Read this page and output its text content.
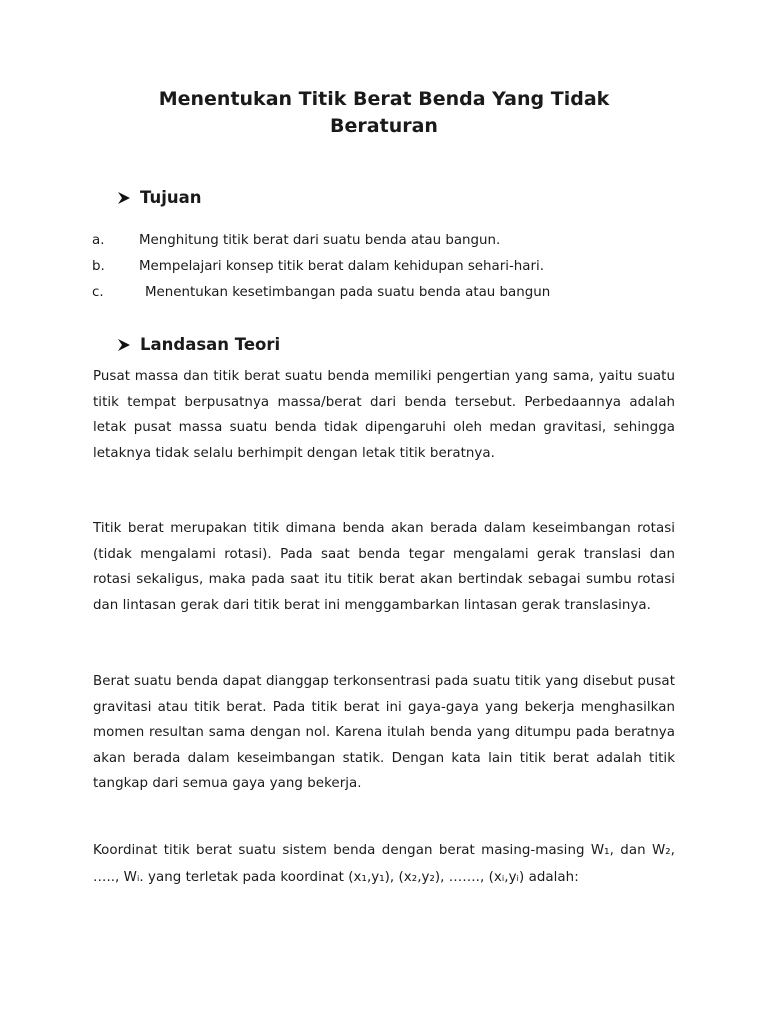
Menentukan Titik Berat Benda Yang Tidak Beraturan
Tujuan
a.	Menghitung titik berat dari suatu benda atau bangun.
b.	Mempelajari konsep titik berat dalam kehidupan sehari-hari.
c.	Menentukan kesetimbangan pada suatu benda atau bangun
Landasan Teori

Pusat massa dan titik berat suatu benda memiliki pengertian yang sama, yaitu suatu titik tempat berpusatnya massa/berat dari benda tersebut. Perbedaannya adalah letak pusat massa suatu benda tidak dipengaruhi oleh medan gravitasi, sehingga letaknya tidak selalu berhimpit dengan letak titik beratnya.

Titik berat merupakan titik dimana benda akan berada dalam keseimbangan rotasi (tidak mengalami rotasi). Pada saat benda tegar mengalami gerak translasi dan rotasi sekaligus, maka pada saat itu titik berat akan bertindak sebagai sumbu rotasi dan lintasan gerak dari titik berat ini menggambarkan lintasan gerak translasinya.

Berat suatu benda dapat dianggap terkonsentrasi pada suatu titik yang disebut pusat gravitasi atau titik berat. Pada titik berat ini gaya-gaya yang bekerja menghasilkan momen resultan sama dengan nol. Karena itulah benda yang ditumpu pada beratnya akan berada dalam keseimbangan statik. Dengan kata lain titik berat adalah titik tangkap dari semua gaya yang bekerja.

Koordinat titik berat suatu sistem benda dengan berat masing-masing W₁, dan W₂, ….., Wᵢ. yang terletak pada koordinat (x₁,y₁), (x₂,y₂), ……., (xᵢ,yᵢ) adalah:
